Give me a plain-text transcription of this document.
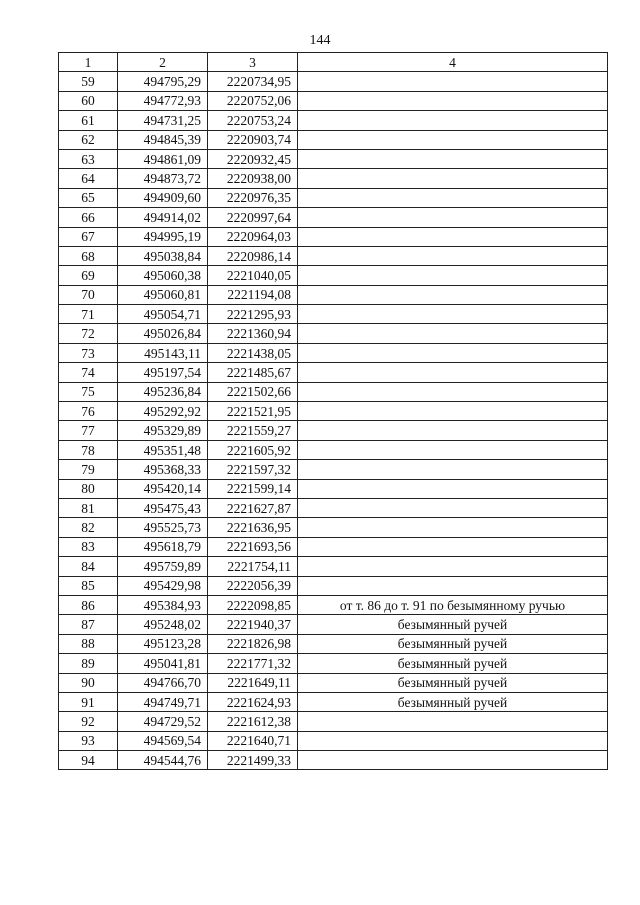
144
1	2	3	4
59	494795,29	2220734,95	
60	494772,93	2220752,06	
61	494731,25	2220753,24	
62	494845,39	2220903,74	
63	494861,09	2220932,45	
64	494873,72	2220938,00	
65	494909,60	2220976,35	
66	494914,02	2220997,64	
67	494995,19	2220964,03	
68	495038,84	2220986,14	
69	495060,38	2221040,05	
70	495060,81	2221194,08	
71	495054,71	2221295,93	
72	495026,84	2221360,94	
73	495143,11	2221438,05	
74	495197,54	2221485,67	
75	495236,84	2221502,66	
76	495292,92	2221521,95	
77	495329,89	2221559,27	
78	495351,48	2221605,92	
79	495368,33	2221597,32	
80	495420,14	2221599,14	
81	495475,43	2221627,87	
82	495525,73	2221636,95	
83	495618,79	2221693,56	
84	495759,89	2221754,11	
85	495429,98	2222056,39	
86	495384,93	2222098,85	от т. 86 до т. 91 по безымянному ручью
87	495248,02	2221940,37	безымянный ручей
88	495123,28	2221826,98	безымянный ручей
89	495041,81	2221771,32	безымянный ручей
90	494766,70	2221649,11	безымянный ручей
91	494749,71	2221624,93	безымянный ручей
92	494729,52	2221612,38	
93	494569,54	2221640,71	
94	494544,76	2221499,33	
